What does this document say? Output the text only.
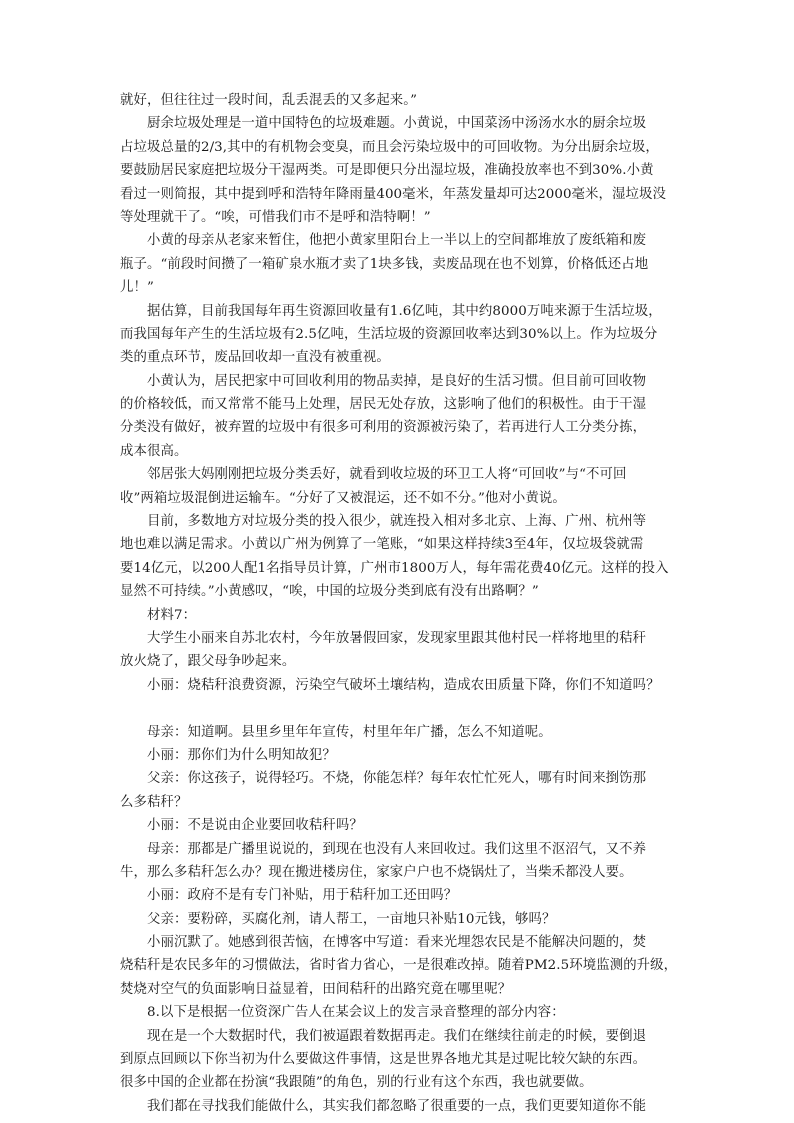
就好，但往往过一段时间，乱丢混丢的又多起来。”
厨余垃圾处理是一道中国特色的垃圾难题。小黄说，中国菜汤中汤汤水水的厨余垃圾
占垃圾总量的2/3,其中的有机物会变臭，而且会污染垃圾中的可回收物。为分出厨余垃圾，
要鼓励居民家庭把垃圾分干湿两类。可是即便只分出湿垃圾，准确投放率也不到30%.小黄
看过一则简报，其中提到呼和浩特年降雨量400毫米，年蒸发量却可达2000毫米，湿垃圾没
等处理就干了。“唉，可惜我们市不是呼和浩特啊！”
小黄的母亲从老家来暂住，他把小黄家里阳台上一半以上的空间都堆放了废纸箱和废
瓶子。“前段时间攒了一箱矿泉水瓶才卖了1块多钱，卖废品现在也不划算，价格低还占地
儿！”
据估算，目前我国每年再生资源回收量有1.6亿吨，其中约8000万吨来源于生活垃圾，
而我国每年产生的生活垃圾有2.5亿吨，生活垃圾的资源回收率达到30%以上。作为垃圾分
类的重点环节，废品回收却一直没有被重视。
小黄认为，居民把家中可回收利用的物品卖掉，是良好的生活习惯。但目前可回收物
的价格较低，而又常常不能马上处理，居民无处存放，这影响了他们的积极性。由于干湿
分类没有做好，被弃置的垃圾中有很多可利用的资源被污染了，若再进行人工分类分拣，
成本很高。
邻居张大妈刚刚把垃圾分类丢好，就看到收垃圾的环卫工人将“可回收”与“不可回
收”两箱垃圾混倒进运输车。“分好了又被混运，还不如不分。”他对小黄说。
目前，多数地方对垃圾分类的投入很少，就连投入相对多北京、上海、广州、杭州等
地也难以满足需求。小黄以广州为例算了一笔账，“如果这样持续3至4年，仅垃圾袋就需
要14亿元，以200人配1名指导员计算，广州市1800万人，每年需花费40亿元。这样的投入
显然不可持续。”小黄感叹，“唉，中国的垃圾分类到底有没有出路啊？”
材料7：
大学生小丽来自苏北农村，今年放暑假回家，发现家里跟其他村民一样将地里的秸秆
放火烧了，跟父母争吵起来。
小丽：烧秸秆浪费资源，污染空气破坏土壤结构，造成农田质量下降，你们不知道吗？
母亲：知道啊。县里乡里年年宣传，村里年年广播，怎么不知道呢。
小丽：那你们为什么明知故犯？
父亲：你这孩子，说得轻巧。不烧，你能怎样？每年农忙忙死人，哪有时间来捯饬那
么多秸秆？
小丽：不是说由企业要回收秸秆吗？
母亲：那都是广播里说说的，到现在也没有人来回收过。我们这里不沤沼气，又不养
牛，那么多秸秆怎么办？现在搬进楼房住，家家户户也不烧锅灶了，当柴禾都没人要。
小丽：政府不是有专门补贴，用于秸秆加工还田吗？
父亲：要粉碎，买腐化剂，请人帮工，一亩地只补贴10元钱，够吗？
小丽沉默了。她感到很苦恼，在博客中写道：看来光埋怨农民是不能解决问题的，焚
烧秸秆是农民多年的习惯做法，省时省力省心，一是很难改掉。随着PM2.5环境监测的升级，
焚烧对空气的负面影响日益显着，田间秸秆的出路究竟在哪里呢？
8.以下是根据一位资深广告人在某会议上的发言录音整理的部分内容：
现在是一个大数据时代，我们被逼跟着数据再走。我们在继续往前走的时候，要倒退
到原点回顾以下你当初为什么要做这件事情，这是世界各地尤其是过呢比较欠缺的东西。
很多中国的企业都在扮演“我跟随”的角色，别的行业有这个东西，我也就要做。
我们都在寻找我们能做什么，其实我们都忽略了很重要的一点，我们更要知道你不能
